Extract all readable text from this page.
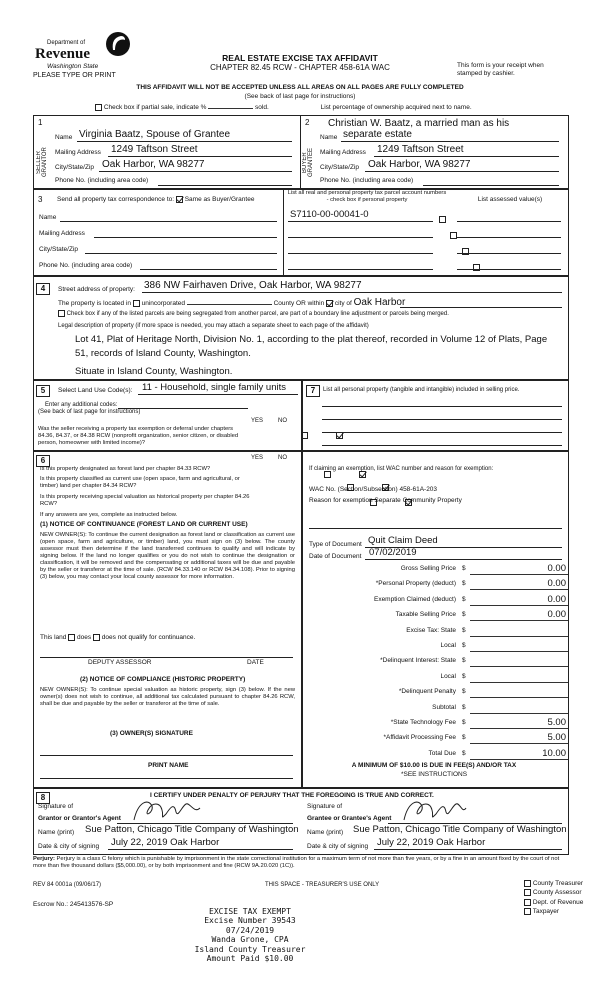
Department of
Revenue
Washington State
PLEASE TYPE OR PRINT
REAL ESTATE EXCISE TAX AFFIDAVIT
CHAPTER 82.45 RCW - CHAPTER 458-61A WAC	This form is your receipt when stamped by cashier.
THIS AFFIDAVIT WILL NOT BE ACCEPTED UNLESS ALL AREAS ON ALL PAGES ARE FULLY COMPLETED
(See back of last page for instructions)
Check box if partial sale, indicate %	sold.	List percentage of ownership acquired next to name.
1
SELLER GRANTOR
Name Virginia Baatz, Spouse of Grantee
Mailing Address 1249 Taftson Street
City/State/Zip Oak Harbor, WA 98277
Phone No. (including area code)
2
BUYER GRANTEE
Christian W. Baatz, a married man as his
Name separate estate
Mailing Address 1249 Taftson Street
City/State/Zip Oak Harbor, WA 98277
Phone No. (including area code)
3 Send all property tax correspondence to: Same as Buyer/Grantee
Name
Mailing Address
City/State/Zip
Phone No. (including area code)
List all real and personal property tax parcel account numbers - check box if personal property	List assessed value(s)
S7110-00-00041-0

4	Street address of property: 386 NW Fairhaven Drive, Oak Harbor, WA 98277
The property is located in unincorporated	County OR within city of Oak Harbor
Check box if any of the listed parcels are being segregated from another parcel, are part of a boundary line adjustment or parcels being merged.
Legal description of property (if more space is needed, you may attach a separate sheet to each page of the affidavit)
Lot 41, Plat of Heritage North, Division No. 1, according to the plat thereof, recorded in Volume 12 of Plats, Page
51, records of Island County, Washington.
Situate in Island County, Washington.
5	Select Land Use Code(s): 11 - Household, single family units
Enter any additional codes:
(See back of last page for instructions)
YES NO
Was the seller receiving a property tax exemption or deferral under chapters 84.36, 84.37, or 84.38 RCW (nonprofit organization, senior citizen, or disabled person, homeowner with limited income)?

7	List all personal property (tangible and intangible) included in selling price.
6	YES NO
Is this property designated as forest land per chapter 84.33 RCW?

Is this property classified as current use (open space, farm and agricultural, or timber) land per chapter 84.34 RCW?

Is this property receiving special valuation as historical property per chapter 84.26 RCW?

If any answers are yes, complete as instructed below.
(1) NOTICE OF CONTINUANCE (FOREST LAND OR CURRENT USE)
NEW OWNER(S): To continue the current designation as forest land or classification as current use (open space, farm and agriculture, or timber) land, you must sign on (3) below. The county assessor must then determine if the land transferred continues to qualify and will indicate by signing below. If the land no longer qualifies or you do not wish to continue the designation or classification, it will be removed and the compensating or additional taxes will be due and payable by the seller or transferor at the time of sale. (RCW 84.33.140 or RCW 84.34.108). Prior to signing (3) below, you may contact your local county assessor for more information.
This land does does not qualify for continuance.
DEPUTY ASSESSOR	DATE
(2) NOTICE OF COMPLIANCE (HISTORIC PROPERTY)
NEW OWNER(S): To continue special valuation as historic property, sign (3) below. If the new owner(s) does not wish to continue, all additional tax calculated pursuant to chapter 84.26 RCW, shall be due and payable by the seller or transferor at the time of sale.
(3) OWNER(S) SIGNATURE
PRINT NAME
If claiming an exemption, list WAC number and reason for exemption:
WAC No. (Section/Subsection) 458-61A-203
Reason for exemption Separate Community Property
Type of Document Quit Claim Deed
Date of Document 07/02/2019
Gross Selling Price $	0.00
*Personal Property (deduct) $	0.00
Exemption Claimed (deduct) $	0.00
Taxable Selling Price $	0.00
Excise Tax: State $
Local $
*Delinquent Interest: State $
Local $
*Delinquent Penalty $
Subtotal $
*State Technology Fee $	5.00
*Affidavit Processing Fee $	5.00
Total Due $	10.00
A MINIMUM OF $10.00 IS DUE IN FEE(S) AND/OR TAX
*SEE INSTRUCTIONS
8	I CERTIFY UNDER PENALTY OF PERJURY THAT THE FOREGOING IS TRUE AND CORRECT.
Signature of
Grantor or Grantor's Agent
Name (print) Sue Patton, Chicago Title Company of Washington
Date & city of signing July 22, 2019 Oak Harbor
Signature of
Grantee or Grantee's Agent
Name (print) Sue Patton, Chicago Title Company of Washington
Date & city of signing July 22, 2019 Oak Harbor
Perjury: Perjury is a class C felony which is punishable by imprisonment in the state correctional institution for a maximum term of not more than five years, or by a fine in an amount fixed by the court of not more than five thousand dollars ($5,000.00), or by both imprisonment and fine (RCW 9A.20.020 (1C)).
REV 84 0001a (09/06/17)	THIS SPACE - TREASURER'S USE ONLY
Escrow No.: 245413576-SP
County Treasurer
County Assessor
Dept. of Revenue
Taxpayer
EXCISE TAX EXEMPT
Excise Number 39543
07/24/2019
Wanda Grone, CPA
Island County Treasurer
Amount Paid $10.00
